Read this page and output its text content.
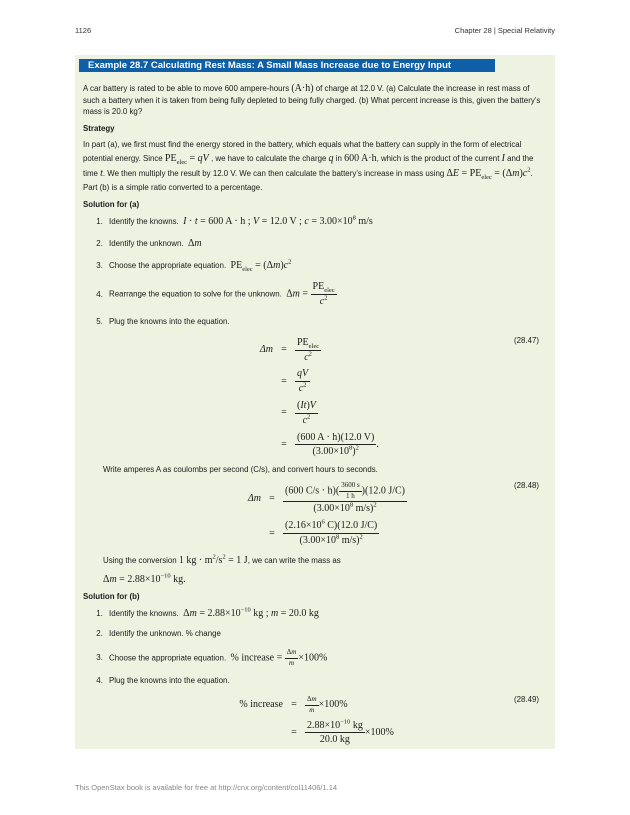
1126	Chapter 28 | Special Relativity
Example 28.7 Calculating Rest Mass: A Small Mass Increase due to Energy Input

A car battery is rated to be able to move 600 ampere-hours (A·h) of charge at 12.0 V. (a) Calculate the increase in rest mass of such a battery when it is taken from being fully depleted to being fully charged. (b) What percent increase is this, given the battery’s mass is 20.0 kg?

Strategy

In part (a), we first must find the energy stored in the battery, which equals what the battery can supply in the form of electrical potential energy. Since $PE_{elec}$ = qV , we have to calculate the charge q in 600 A·h, which is the product of the current I and the time t. We then multiply the result by 12.0 V. We can then calculate the battery’s increase in mass using $\Delta E = PE_{elec} = (\Delta m)c^2$. Part (b) is a simple ratio converted to a percentage.

Solution for (a)
1. Identify the knowns. I · t = 600 A · h ; V = 12.0 V ; $c = 3.00\times 10^8$ m/s
2. Identify the unknown. Δm
3. Choose the appropriate equation. $PE_{elec} = (\Delta m)c^2$
4. Rearrange the equation to solve for the unknown. $\Delta m = \frac{PE_{elec}}{c^2}$
5. Plug the knowns into the equation.
(28.47)
$\Delta m = \frac{PE_{elec}}{c^2}$
= $\frac{qV}{c^2}$
= $\frac{(It)V}{c^2}$
= $\frac{(600 A \cdot h)(12.0 V)}{(3.00\times 10^8)^2}$ .

Write amperes A as coulombs per second (C/s), and convert hours to seconds.

(28.48)
$\Delta m = \frac{(600 C/s \cdot h)( \frac{3600 s}{1 h} )(12.0 J/C)}{(3.00\times 10^8 m/s)^2}$
= $\frac{(2.16\times 10^6 C)(12.0 J/C)}{(3.00\times 10^8 m/s)^2}$

Using the conversion 1 kg · $m^2/s^2 = 1$ J, we can write the mass as

$\Delta m = 2.88\times 10^{-10}$ kg.

Solution for (b)
1. Identify the knowns. $\Delta m = 2.88\times 10^{-10}$ kg ; m = 20.0 kg
2. Identify the unknown. % change
3. Choose the appropriate equation. % increase = $\frac{\Delta m}{m} \times 100\%$
4. Plug the knowns into the equation.
(28.49)
% increase =	$\frac{\Delta m}{m} \times 100\%$
= $\frac{2.88\times 10^{-10} kg}{20.0 kg} \times 100\%$

This OpenStax book is available for free at http://cnx.org/content/col11406/1.14
